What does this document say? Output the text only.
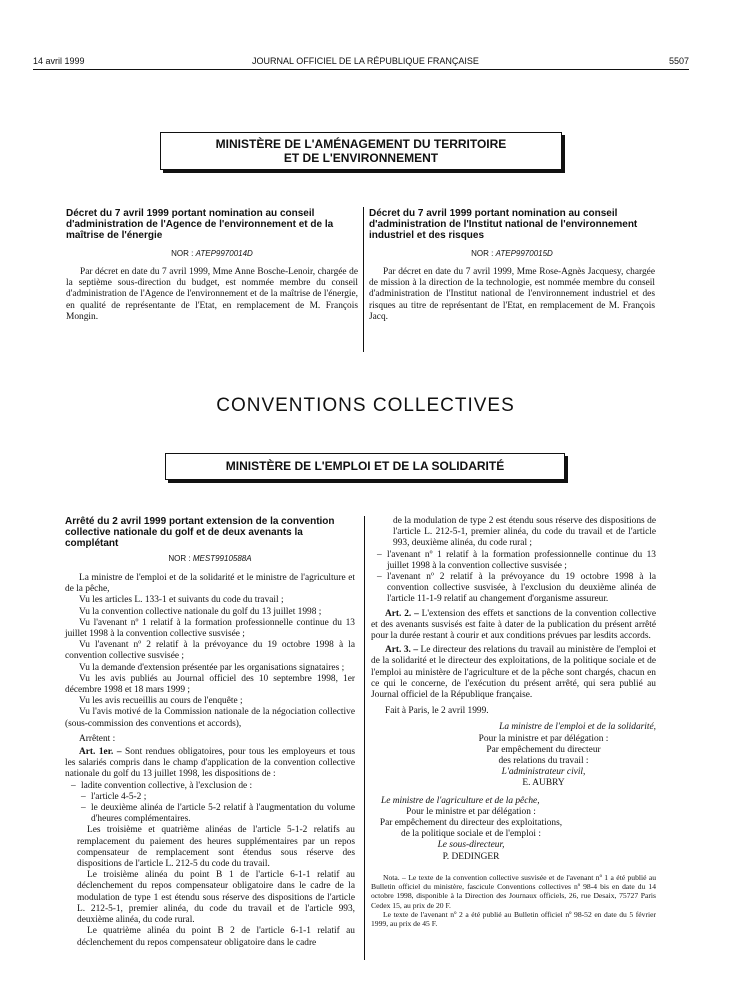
14 avril 1999	JOURNAL OFFICIEL DE LA RÉPUBLIQUE FRANÇAISE	5507
MINISTÈRE DE L'AMÉNAGEMENT DU TERRITOIRE
ET DE L'ENVIRONNEMENT
Décret du 7 avril 1999 portant nomination au conseil d'administration de l'Agence de l'environnement et de la maîtrise de l'énergie
NOR : ATEP9970014D

Par décret en date du 7 avril 1999, Mme Anne Bosche-Lenoir, chargée de la septième sous-direction du budget, est nommée membre du conseil d'administration de l'Agence de l'environnement et de la maîtrise de l'énergie, en qualité de représentante de l'Etat, en remplacement de M. François Mongin.

Décret du 7 avril 1999 portant nomination au conseil d'administration de l'Institut national de l'environnement industriel et des risques
NOR : ATEP9970015D

Par décret en date du 7 avril 1999, Mme Rose-Agnès Jacquesy, chargée de mission à la direction de la technologie, est nommée membre du conseil d'administration de l'Institut national de l'environnement industriel et des risques au titre de représentant de l'Etat, en remplacement de M. François Jacq.

CONVENTIONS COLLECTIVES
MINISTÈRE DE L'EMPLOI ET DE LA SOLIDARITÉ
Arrêté du 2 avril 1999 portant extension de la convention collective nationale du golf et de deux avenants la complétant
NOR : MEST9910588A

La ministre de l'emploi et de la solidarité et le ministre de l'agriculture et de la pêche,

Vu les articles L. 133-1 et suivants du code du travail ;

Vu la convention collective nationale du golf du 13 juillet 1998 ;

Vu l'avenant nº 1 relatif à la formation professionnelle continue du 13 juillet 1998 à la convention collective susvisée ;

Vu l'avenant nº 2 relatif à la prévoyance du 19 octobre 1998 à la convention collective susvisée ;

Vu la demande d'extension présentée par les organisations signataires ;

Vu les avis publiés au Journal officiel des 10 septembre 1998, 1er décembre 1998 et 18 mars 1999 ;

Vu les avis recueillis au cours de l'enquête ;

Vu l'avis motivé de la Commission nationale de la négociation collective (sous-commission des conventions et accords),

Arrêtent :

Art. 1er. – Sont rendues obligatoires, pour tous les employeurs et tous les salariés compris dans le champ d'application de la convention collective nationale du golf du 13 juillet 1998, les dispositions de :

– ladite convention collective, à l'exclusion de :
– l'article 4-5-2 ;
– le deuxième alinéa de l'article 5-2 relatif à l'augmentation du volume d'heures complémentaires.

Les troisième et quatrième alinéas de l'article 5-1-2 relatifs au remplacement du paiement des heures supplémentaires par un repos compensateur de remplacement sont étendus sous réserve des dispositions de l'article L. 212-5 du code du travail.

Le troisième alinéa du point B 1 de l'article 6-1-1 relatif au déclenchement du repos compensateur obligatoire dans le cadre de la modulation de type 1 est étendu sous réserve des dispositions de l'article L. 212-5-1, premier alinéa, du code du travail et de l'article 993, deuxième alinéa, du code rural.

Le quatrième alinéa du point B 2 de l'article 6-1-1 relatif au déclenchement du repos compensateur obligatoire dans le cadre

de la modulation de type 2 est étendu sous réserve des dispositions de l'article L. 212-5-1, premier alinéa, du code du travail et de l'article 993, deuxième alinéa, du code rural ;

– l'avenant nº 1 relatif à la formation professionnelle continue du 13 juillet 1998 à la convention collective susvisée ;
– l'avenant nº 2 relatif à la prévoyance du 19 octobre 1998 à la convention collective susvisée, à l'exclusion du deuxième alinéa de l'article 11-1-9 relatif au changement d'organisme assureur.

Art. 2. – L'extension des effets et sanctions de la convention collective et des avenants susvisés est faite à dater de la publication du présent arrêté pour la durée restant à courir et aux conditions prévues par lesdits accords.

Art. 3. – Le directeur des relations du travail au ministère de l'emploi et de la solidarité et le directeur des exploitations, de la politique sociale et de l'emploi au ministère de l'agriculture et de la pêche sont chargés, chacun en ce qui le concerne, de l'exécution du présent arrêté, qui sera publié au Journal officiel de la République française.

Fait à Paris, le 2 avril 1999.

La ministre de l'emploi et de la solidarité,
Pour la ministre et par délégation :
Par empêchement du directeur
des relations du travail :
L'administrateur civil,
E. AUBRY
Le ministre de l'agriculture et de la pêche,
Pour le ministre et par délégation :
Par empêchement du directeur des exploitations,
de la politique sociale et de l'emploi :
Le sous-directeur,
P. DEDINGER
Nota. – Le texte de la convention collective susvisée et de l'avenant nº 1 a été publié au Bulletin officiel du ministère, fascicule Conventions collectives nº 98-4 bis en date du 14 octobre 1998, disponible à la Direction des Journaux officiels, 26, rue Desaix, 75727 Paris Cedex 15, au prix de 20 F.
Le texte de l'avenant nº 2 a été publié au Bulletin officiel nº 98-52 en date du 5 février 1999, au prix de 45 F.
